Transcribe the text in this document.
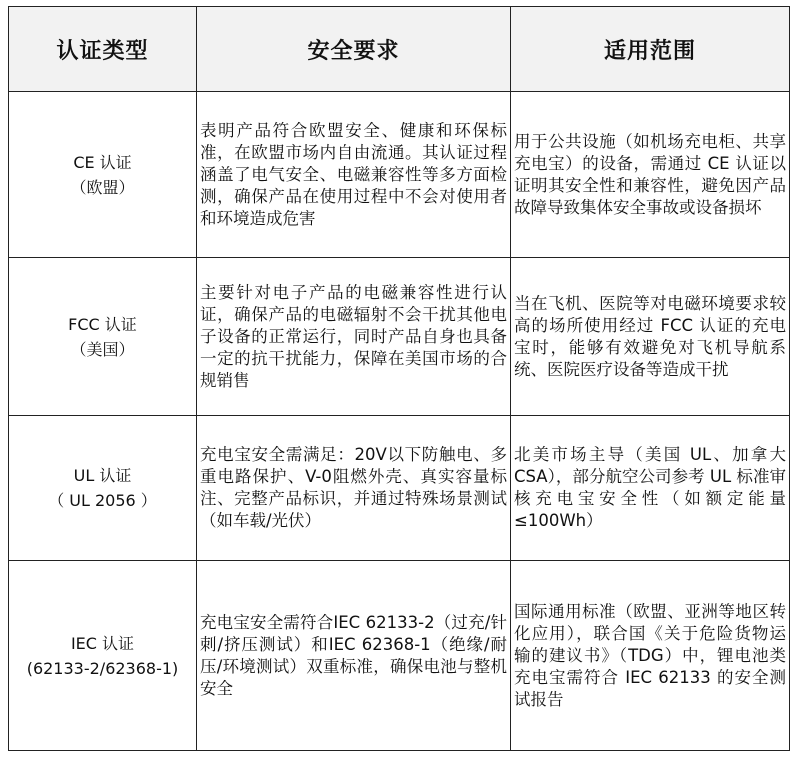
认证类型	安全要求	适用范围

CE 认证
（欧盟）	表明产品符合欧盟安全、健康和环保标准，在欧盟市场内自由流通。其认证过程涵盖了电气安全、电磁兼容性等多方面检测，确保产品在使用过程中不会对使用者和环境造成危害	用于公共设施（如机场充电柜、共享充电宝）的设备，需通过 CE 认证以证明其安全性和兼容性，避免因产品故障导致集体安全事故或设备损坏

FCC 认证
（美国）	主要针对电子产品的电磁兼容性进行认证，确保产品的电磁辐射不会干扰其他电子设备的正常运行，同时产品自身也具备一定的抗干扰能力，保障在美国市场的合规销售	当在飞机、医院等对电磁环境要求较高的场所使用经过 FCC 认证的充电宝时，能够有效避免对飞机导航系统、医院医疗设备等造成干扰

UL 认证
（ UL 2056 ）	充电宝安全需满足：20V以下防触电、多重电路保护、V-0阻燃外壳、真实容量标注、完整产品标识，并通过特殊场景测试（如车载/光伏）	北美市场主导（美国 UL、加拿大 CSA），部分航空公司参考 UL 标准审核充电宝安全性（如额定能量≤100Wh）

IEC 认证
(62133-2/62368-1)	充电宝安全需符合IEC 62133-2（过充/针刺/挤压测试）和IEC 62368-1（绝缘/耐压/环境测试）双重标准，确保电池与整机安全	国际通用标准（欧盟、亚洲等地区转化应用），联合国《关于危险货物运输的建议书》（TDG）中，锂电池类充电宝需符合 IEC 62133 的安全测试报告
